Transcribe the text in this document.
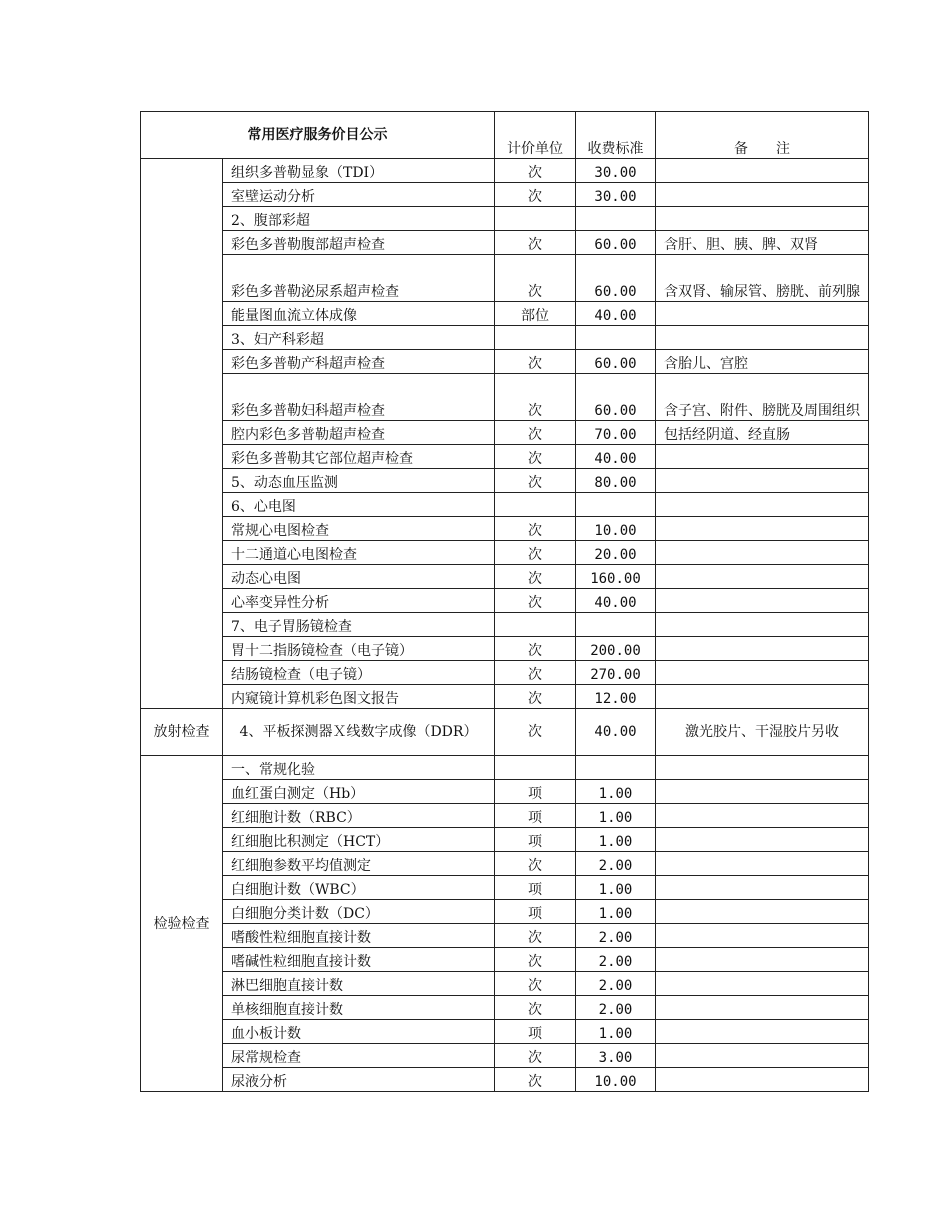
常用医疗服务价目公示		计价单位	收费标准	备　　注
	组织多普勒显象（TDI）	次	30.00	
	室壁运动分析	次	30.00	
	2、腹部彩超			
	彩色多普勒腹部超声检查	次	60.00	含肝、胆、胰、脾、双肾
	彩色多普勒泌尿系超声检查	次	60.00	含双肾、输尿管、膀胱、前列腺
	能量图血流立体成像	部位	40.00	
	3、妇产科彩超			
	彩色多普勒产科超声检查	次	60.00	含胎儿、宫腔
	彩色多普勒妇科超声检查	次	60.00	含子宫、附件、膀胱及周围组织
	腔内彩色多普勒超声检查	次	70.00	包括经阴道、经直肠
	彩色多普勒其它部位超声检查	次	40.00	
	5、动态血压监测	次	80.00	
	6、心电图			
	常规心电图检查	次	10.00	
	十二通道心电图检查	次	20.00	
	动态心电图	次	160.00	
	心率变异性分析	次	40.00	
	7、电子胃肠镜检查			
	胃十二指肠镜检查（电子镜）	次	200.00	
	结肠镜检查（电子镜）	次	270.00	
	内窥镜计算机彩色图文报告	次	12.00	
放射检查	4、平板探测器Ｘ线数字成像（DDR）	次	40.00	激光胶片、干湿胶片另收
检验检查	一、常规化验			
	血红蛋白测定（Hb）	项	1.00	
	红细胞计数（RBC）	项	1.00	
	红细胞比积测定（HCT）	项	1.00	
	红细胞参数平均值测定	次	2.00	
	白细胞计数（WBC）	项	1.00	
	白细胞分类计数（DC）	项	1.00	
	嗜酸性粒细胞直接计数	次	2.00	
	嗜碱性粒细胞直接计数	次	2.00	
	淋巴细胞直接计数	次	2.00	
	单核细胞直接计数	次	2.00	
	血小板计数	项	1.00	
	尿常规检查	次	3.00	
	尿液分析	次	10.00	
